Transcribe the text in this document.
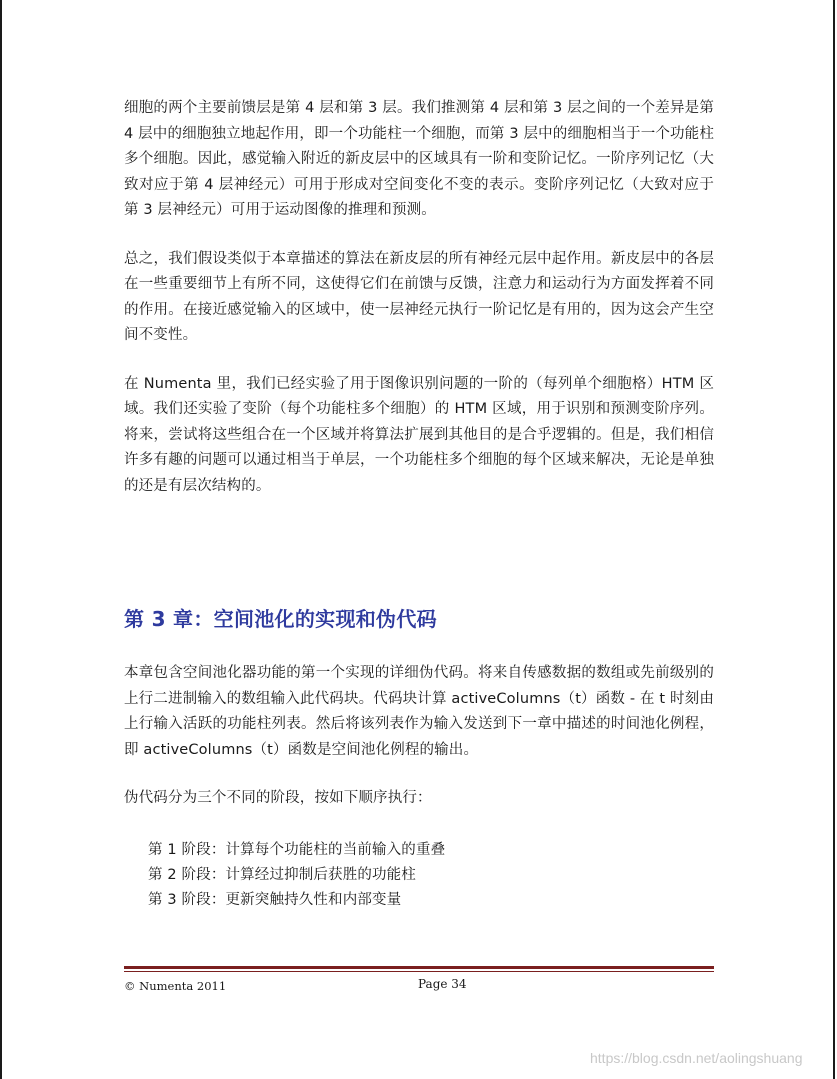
细胞的两个主要前馈层是第 4 层和第 3 层。我们推测第 4 层和第 3 层之间的一个差异是第 4 层中的细胞独立地起作用，即一个功能柱一个细胞，而第 3 层中的细胞相当于一个功能柱多个细胞。因此，感觉输入附近的新皮层中的区域具有一阶和变阶记忆。一阶序列记忆（大致对应于第 4 层神经元）可用于形成对空间变化不变的表示。变阶序列记忆（大致对应于第 3 层神经元）可用于运动图像的推理和预测。

总之，我们假设类似于本章描述的算法在新皮层的所有神经元层中起作用。新皮层中的各层在一些重要细节上有所不同，这使得它们在前馈与反馈，注意力和运动行为方面发挥着不同的作用。在接近感觉输入的区域中，使一层神经元执行一阶记忆是有用的，因为这会产生空间不变性。

在 Numenta 里，我们已经实验了用于图像识别问题的一阶的（每列单个细胞格）HTM 区域。我们还实验了变阶（每个功能柱多个细胞）的 HTM 区域，用于识别和预测变阶序列。将来，尝试将这些组合在一个区域并将算法扩展到其他目的是合乎逻辑的。但是，我们相信许多有趣的问题可以通过相当于单层，一个功能柱多个细胞的每个区域来解决，无论是单独的还是有层次结构的。

第 3 章：空间池化的实现和伪代码

本章包含空间池化器功能的第一个实现的详细伪代码。将来自传感数据的数组或先前级别的上行二进制输入的数组输入此代码块。代码块计算 activeColumns（t）函数 - 在 t 时刻由上行输入活跃的功能柱列表。然后将该列表作为输入发送到下一章中描述的时间池化例程，即 activeColumns（t）函数是空间池化例程的输出。

伪代码分为三个不同的阶段，按如下顺序执行：

第 1 阶段：计算每个功能柱的当前输入的重叠
第 2 阶段：计算经过抑制后获胜的功能柱
第 3 阶段：更新突触持久性和内部变量
© Numenta 2011	Page 34
https://blog.csdn.net/aolingshuang
